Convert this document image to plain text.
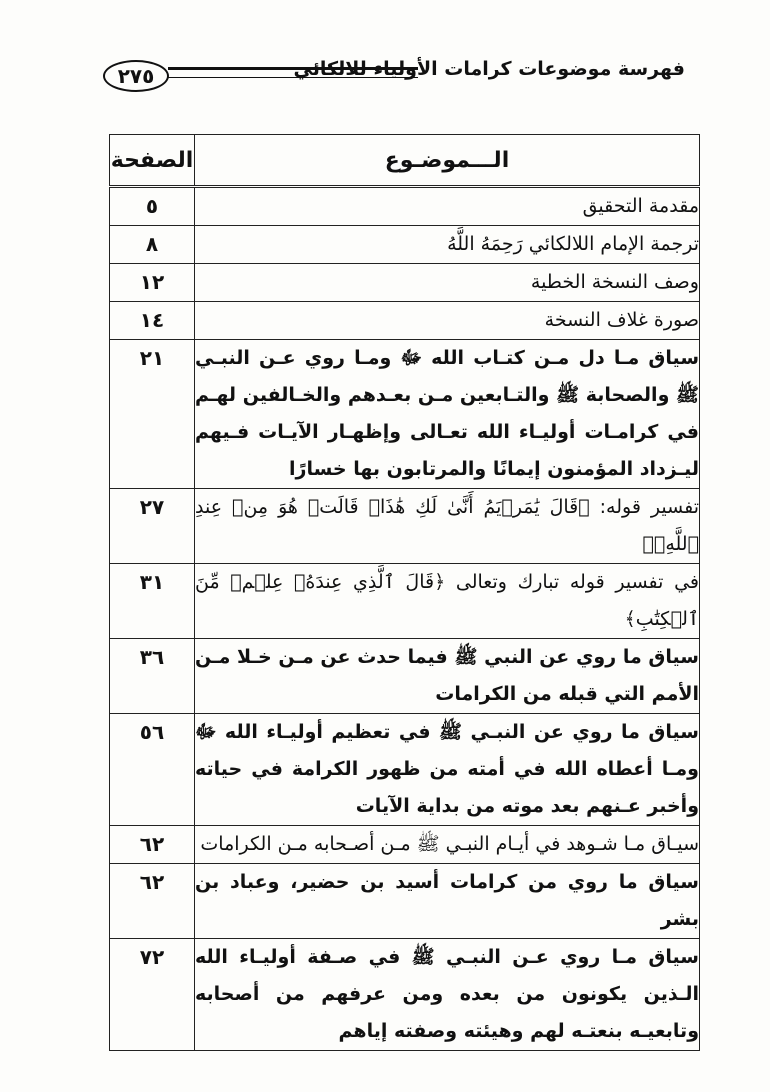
٢٧٥	فهرسة موضوعات كرامات الأولياء للالكائي
الـــموضـوع	الصفحة
مقدمة التحقيق	٥
ترجمة الإمام اللالكائي رَحِمَهُ اللَّهُ	٨
وصف النسخة الخطية	١٢
صورة غلاف النسخة	١٤
سياق مـا دل مـن كتـاب الله ﷻ ومـا روي عـن النبـي ﷺ والصحابة ﷺ والتـابعين مـن بعـدهم والخـالفين لهـم في كرامـات أوليـاء الله تعـالى وإظهـار الآيـات فـيهم ليـزداد المؤمنون إيمانًا والمرتابون بها خسارًا	٢١
تفسير قوله: ﴿قَالَ يَٰمَرۡيَمُ أَنَّىٰ لَكِ هَٰذَاۖ قَالَتۡ هُوَ مِنۡ عِندِ ٱللَّهِۖ﴾	٢٧
في تفسير قوله تبارك وتعالى ﴿قَالَ ٱلَّذِي عِندَهُۥ عِلۡمٞ مِّنَ ٱلۡكِتَٰبِ﴾	٣١
سياق ما روي عن النبي ﷺ فيما حدث عن مـن خـلا مـن الأمم التي قبله من الكرامات	٣٦
سياق ما روي عن النبـي ﷺ في تعظيم أوليـاء الله ﷻ ومـا أعطاه الله في أمته من ظهور الكرامة في حياته وأخبر عـنهم بعد موته من بداية الآيات	٥٦
سيـاق مـا شـوهد في أيـام النبـي ﷺ مـن أصـحابه مـن الكرامات	٦٢
سياق ما روي من كرامات أسيد بن حضير، وعباد بن بشر	٦٢
سياق مـا روي عـن النبـي ﷺ في صـفة أوليـاء الله الـذين يكونون من بعده ومن عرفهم من أصحابه وتابعيـه بنعتـه لهم وهيئته وصفته إياهم	٧٢
